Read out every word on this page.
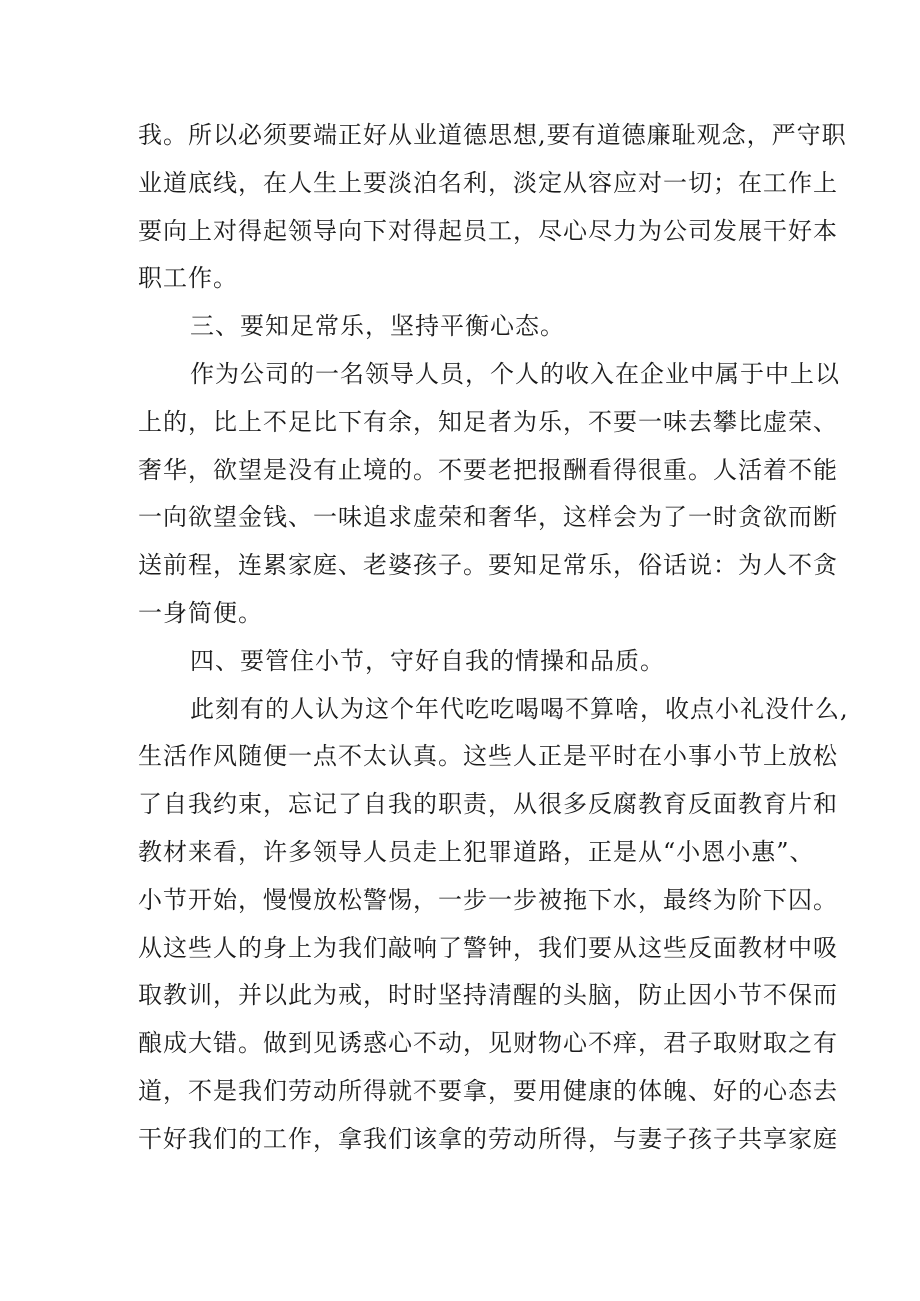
我。所以必须要端正好从业道德思想,要有道德廉耻观念，严守职
业道底线，在人生上要淡泊名利，淡定从容应对一切；在工作上
要向上对得起领导向下对得起员工，尽心尽力为公司发展干好本
职工作。
三、要知足常乐，坚持平衡心态。
作为公司的一名领导人员，个人的收入在企业中属于中上以
上的，比上不足比下有余，知足者为乐，不要一味去攀比虚荣、
奢华，欲望是没有止境的。不要老把报酬看得很重。人活着不能
一向欲望金钱、一味追求虚荣和奢华，这样会为了一时贪欲而断
送前程，连累家庭、老婆孩子。要知足常乐，俗话说：为人不贪
一身简便。
四、要管住小节，守好自我的情操和品质。
此刻有的人认为这个年代吃吃喝喝不算啥，收点小礼没什么,
生活作风随便一点不太认真。这些人正是平时在小事小节上放松
了自我约束，忘记了自我的职责，从很多反腐教育反面教育片和
教材来看，许多领导人员走上犯罪道路，正是从“小恩小惠”、
小节开始，慢慢放松警惕，一步一步被拖下水，最终为阶下囚。
从这些人的身上为我们敲响了警钟，我们要从这些反面教材中吸
取教训，并以此为戒，时时坚持清醒的头脑，防止因小节不保而
酿成大错。做到见诱惑心不动，见财物心不痒，君子取财取之有
道，不是我们劳动所得就不要拿，要用健康的体魄、好的心态去
干好我们的工作，拿我们该拿的劳动所得，与妻子孩子共享家庭
